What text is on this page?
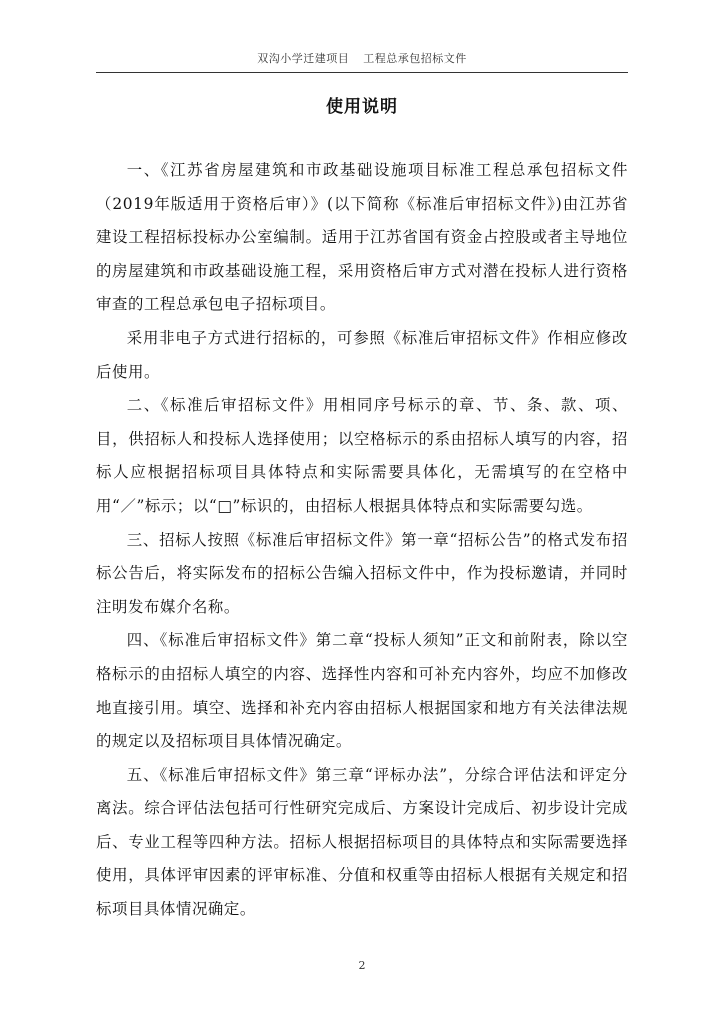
双沟小学迁建项目 工程总承包招标文件
使用说明

一、《江苏省房屋建筑和市政基础设施项目标准工程总承包招标文件（2019年版适用于资格后审）》(以下简称《标准后审招标文件》)由江苏省建设工程招标投标办公室编制。适用于江苏省国有资金占控股或者主导地位的房屋建筑和市政基础设施工程，采用资格后审方式对潜在投标人进行资格审查的工程总承包电子招标项目。

采用非电子方式进行招标的，可参照《标准后审招标文件》作相应修改后使用。

二、《标准后审招标文件》用相同序号标示的章、节、条、款、项、目，供招标人和投标人选择使用；以空格标示的系由招标人填写的内容，招标人应根据招标项目具体特点和实际需要具体化，无需填写的在空格中用“／”标示；以“□”标识的，由招标人根据具体特点和实际需要勾选。

三、招标人按照《标准后审招标文件》第一章“招标公告”的格式发布招标公告后，将实际发布的招标公告编入招标文件中，作为投标邀请，并同时注明发布媒介名称。

四、《标准后审招标文件》第二章“投标人须知”正文和前附表，除以空格标示的由招标人填空的内容、选择性内容和可补充内容外，均应不加修改地直接引用。填空、选择和补充内容由招标人根据国家和地方有关法律法规的规定以及招标项目具体情况确定。

五、《标准后审招标文件》第三章“评标办法”，分综合评估法和评定分离法。综合评估法包括可行性研究完成后、方案设计完成后、初步设计完成后、专业工程等四种方法。招标人根据招标项目的具体特点和实际需要选择使用，具体评审因素的评审标准、分值和权重等由招标人根据有关规定和招标项目具体情况确定。

2
